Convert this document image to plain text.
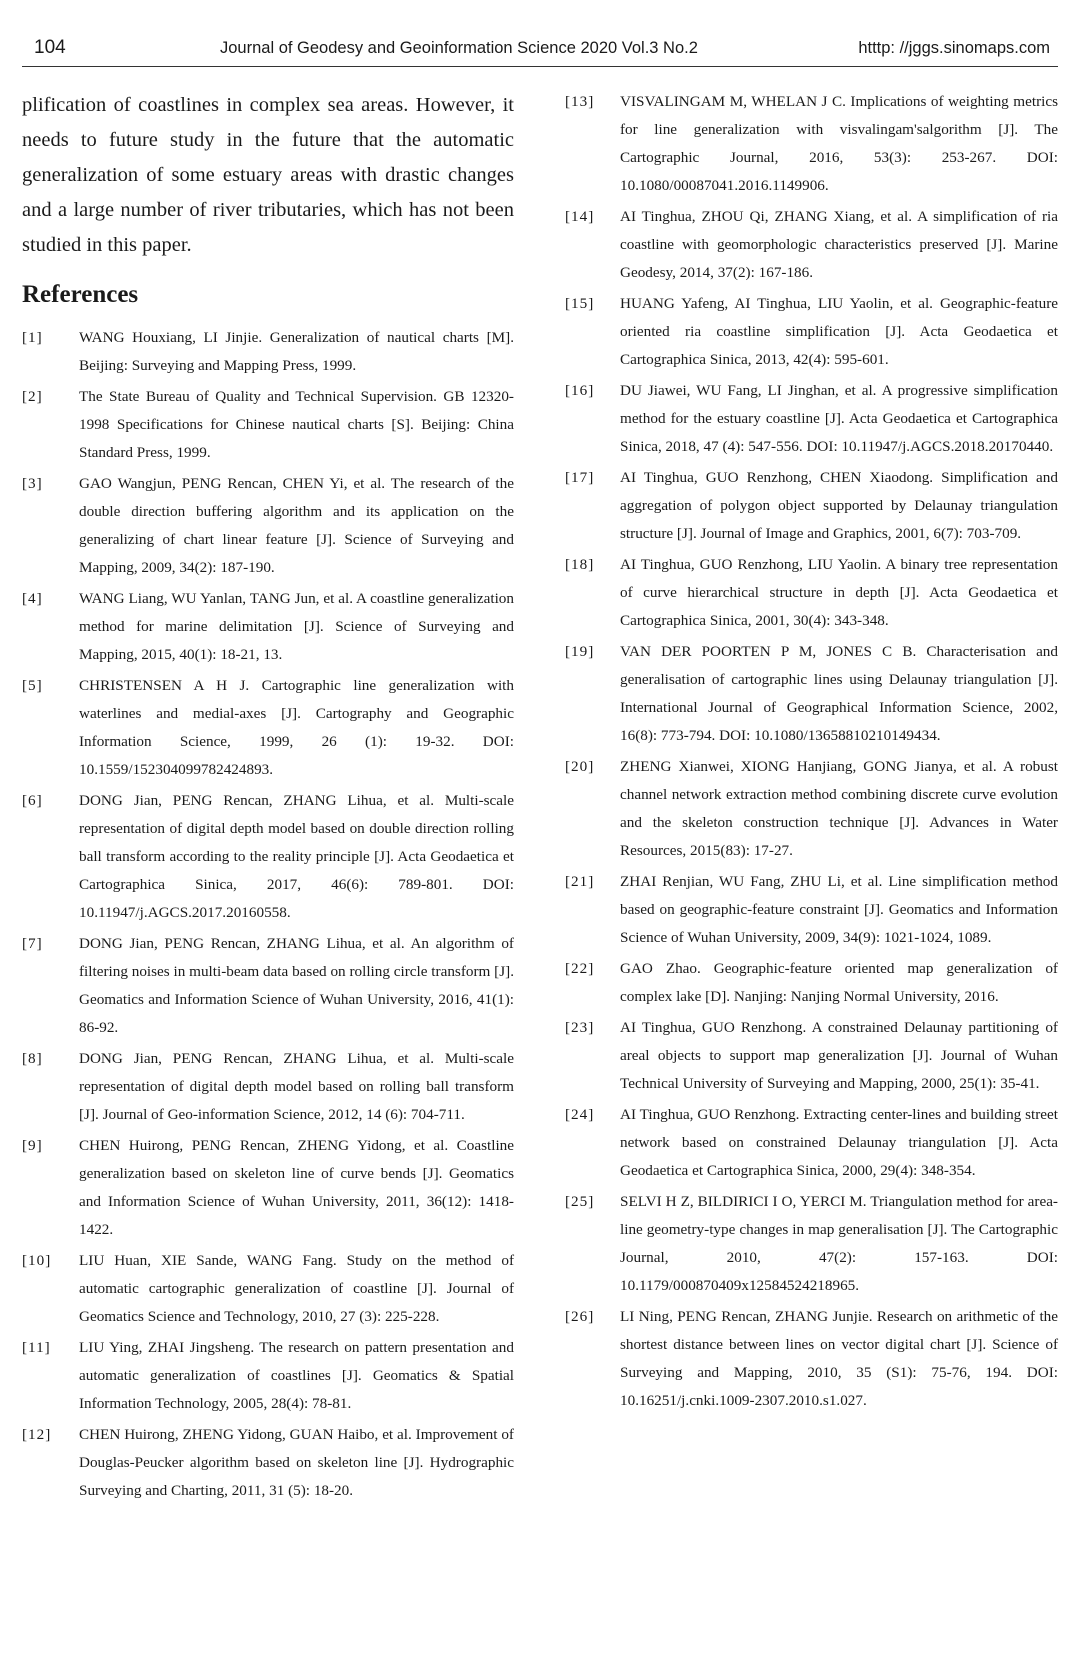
104	Journal of Geodesy and Geoinformation Science 2020 Vol.3 No.2	htttp: //jggs.sinomaps.com

plification of coastlines in complex sea areas. However, it needs to future study in the future that the automatic generalization of some estuary areas with drastic changes and a large number of river tributaries, which has not been studied in this paper.

References
[1]	WANG Houxiang, LI Jinjie. Generalization of nautical charts [M]. Beijing: Surveying and Mapping Press, 1999.
[2]	The State Bureau of Quality and Technical Supervision. GB 12320-1998 Specifications for Chinese nautical charts [S]. Beijing: China Standard Press, 1999.
[3]	GAO Wangjun, PENG Rencan, CHEN Yi, et al. The research of the double direction buffering algorithm and its application on the generalizing of chart linear feature [J]. Science of Surveying and Mapping, 2009, 34(2): 187-190.
[4]	WANG Liang, WU Yanlan, TANG Jun, et al. A coastline generalization method for marine delimitation [J]. Science of Surveying and Mapping, 2015, 40(1): 18-21, 13.
[5]	CHRISTENSEN A H J. Cartographic line generalization with waterlines and medial-axes [J]. Cartography and Geographic Information Science, 1999, 26 (1): 19-32. DOI: 10.1559/152304099782424893.
[6]	DONG Jian, PENG Rencan, ZHANG Lihua, et al. Multi-scale representation of digital depth model based on double direction rolling ball transform according to the reality principle [J]. Acta Geodaetica et Cartographica Sinica, 2017, 46(6): 789-801. DOI: 10.11947/j.AGCS.2017.20160558.
[7]	DONG Jian, PENG Rencan, ZHANG Lihua, et al. An algorithm of filtering noises in multi-beam data based on rolling circle transform [J]. Geomatics and Information Science of Wuhan University, 2016, 41(1): 86-92.
[8]	DONG Jian, PENG Rencan, ZHANG Lihua, et al. Multi-scale representation of digital depth model based on rolling ball transform [J]. Journal of Geo-information Science, 2012, 14 (6): 704-711.
[9]	CHEN Huirong, PENG Rencan, ZHENG Yidong, et al. Coastline generalization based on skeleton line of curve bends [J]. Geomatics and Information Science of Wuhan University, 2011, 36(12): 1418-1422.
[10]	LIU Huan, XIE Sande, WANG Fang. Study on the method of automatic cartographic generalization of coastline [J]. Journal of Geomatics Science and Technology, 2010, 27 (3): 225-228.
[11]	LIU Ying, ZHAI Jingsheng. The research on pattern presentation and automatic generalization of coastlines [J]. Geomatics & Spatial Information Technology, 2005, 28(4): 78-81.
[12]	CHEN Huirong, ZHENG Yidong, GUAN Haibo, et al. Improvement of Douglas-Peucker algorithm based on skeleton line [J]. Hydrographic Surveying and Charting, 2011, 31 (5): 18-20.
[13]	VISVALINGAM M, WHELAN J C. Implications of weighting metrics for line generalization with visvalingam'salgorithm [J]. The Cartographic Journal, 2016, 53(3): 253-267. DOI: 10.1080/00087041.2016.1149906.
[14]	AI Tinghua, ZHOU Qi, ZHANG Xiang, et al. A simplification of ria coastline with geomorphologic characteristics preserved [J]. Marine Geodesy, 2014, 37(2): 167-186.
[15]	HUANG Yafeng, AI Tinghua, LIU Yaolin, et al. Geographic-feature oriented ria coastline simplification [J]. Acta Geodaetica et Cartographica Sinica, 2013, 42(4): 595-601.
[16]	DU Jiawei, WU Fang, LI Jinghan, et al. A progressive simplification method for the estuary coastline [J]. Acta Geodaetica et Cartographica Sinica, 2018, 47 (4): 547-556. DOI: 10.11947/j.AGCS.2018.20170440.
[17]	AI Tinghua, GUO Renzhong, CHEN Xiaodong. Simplification and aggregation of polygon object supported by Delaunay triangulation structure [J]. Journal of Image and Graphics, 2001, 6(7): 703-709.
[18]	AI Tinghua, GUO Renzhong, LIU Yaolin. A binary tree representation of curve hierarchical structure in depth [J]. Acta Geodaetica et Cartographica Sinica, 2001, 30(4): 343-348.
[19]	VAN DER POORTEN P M, JONES C B. Characterisation and generalisation of cartographic lines using Delaunay triangulation [J]. International Journal of Geographical Information Science, 2002, 16(8): 773-794. DOI: 10.1080/13658810210149434.
[20]	ZHENG Xianwei, XIONG Hanjiang, GONG Jianya, et al. A robust channel network extraction method combining discrete curve evolution and the skeleton construction technique [J]. Advances in Water Resources, 2015(83): 17-27.
[21]	ZHAI Renjian, WU Fang, ZHU Li, et al. Line simplification method based on geographic-feature constraint [J]. Geomatics and Information Science of Wuhan University, 2009, 34(9): 1021-1024, 1089.
[22]	GAO Zhao. Geographic-feature oriented map generalization of complex lake [D]. Nanjing: Nanjing Normal University, 2016.
[23]	AI Tinghua, GUO Renzhong. A constrained Delaunay partitioning of areal objects to support map generalization [J]. Journal of Wuhan Technical University of Surveying and Mapping, 2000, 25(1): 35-41.
[24]	AI Tinghua, GUO Renzhong. Extracting center-lines and building street network based on constrained Delaunay triangulation [J]. Acta Geodaetica et Cartographica Sinica, 2000, 29(4): 348-354.
[25]	SELVI H Z, BILDIRICI I O, YERCI M. Triangulation method for area-line geometry-type changes in map generalisation [J]. The Cartographic Journal, 2010, 47(2): 157-163. DOI: 10.1179/000870409x12584524218965.
[26]	LI Ning, PENG Rencan, ZHANG Junjie. Research on arithmetic of the shortest distance between lines on vector digital chart [J]. Science of Surveying and Mapping, 2010, 35 (S1): 75-76, 194. DOI: 10.16251/j.cnki.1009-2307.2010.s1.027.
